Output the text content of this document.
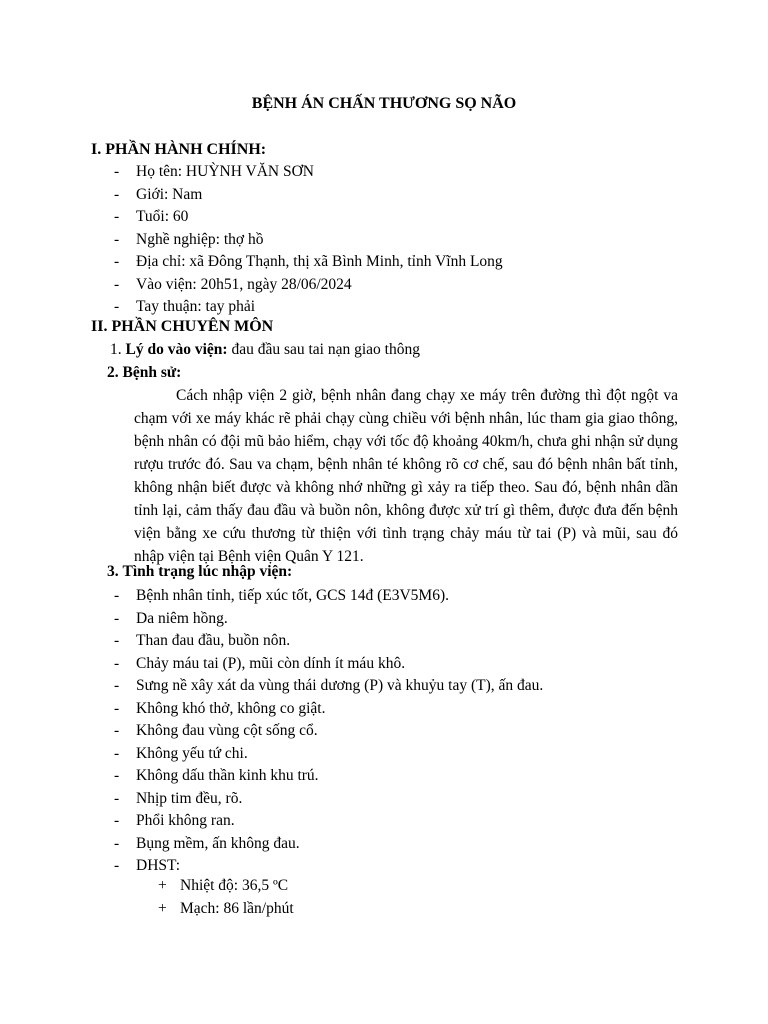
BỆNH ÁN CHẤN THƯƠNG SỌ NÃO
I. PHẦN HÀNH CHÍNH:
- Họ tên: HUỲNH VĂN SƠN
- Giới: Nam
- Tuổi: 60
- Nghề nghiệp: thợ hồ
- Địa chỉ: xã Đông Thạnh, thị xã Bình Minh, tỉnh Vĩnh Long
- Vào viện: 20h51, ngày 28/06/2024
- Tay thuận: tay phải
II. PHẦN CHUYÊN MÔN
1. Lý do vào viện: đau đầu sau tai nạn giao thông
2. Bệnh sử:
Cách nhập viện 2 giờ, bệnh nhân đang chạy xe máy trên đường thì đột ngột va chạm với xe máy khác rẽ phải chạy cùng chiều với bệnh nhân, lúc tham gia giao thông, bệnh nhân có đội mũ bảo hiểm, chạy với tốc độ khoảng 40km/h, chưa ghi nhận sử dụng rượu trước đó. Sau va chạm, bệnh nhân té không rõ cơ chế, sau đó bệnh nhân bất tỉnh, không nhận biết được và không nhớ những gì xảy ra tiếp theo. Sau đó, bệnh nhân dần tỉnh lại, cảm thấy đau đầu và buồn nôn, không được xử trí gì thêm, được đưa đến bệnh viện bằng xe cứu thương từ thiện với tình trạng chảy máu từ tai (P) và mũi, sau đó nhập viện tại Bệnh viện Quân Y 121.
3. Tình trạng lúc nhập viện:
- Bệnh nhân tỉnh, tiếp xúc tốt, GCS 14đ (E3V5M6).
- Da niêm hồng.
- Than đau đầu, buồn nôn.
- Chảy máu tai (P), mũi còn dính ít máu khô.
- Sưng nề xây xát da vùng thái dương (P) và khuỷu tay (T), ấn đau.
- Không khó thở, không co giật.
- Không đau vùng cột sống cổ.
- Không yếu tứ chi.
- Không dấu thần kinh khu trú.
- Nhịp tim đều, rõ.
- Phổi không ran.
- Bụng mềm, ấn không đau.
- DHST:
+ Nhiệt độ: 36,5 ºC
+ Mạch: 86 lần/phút
